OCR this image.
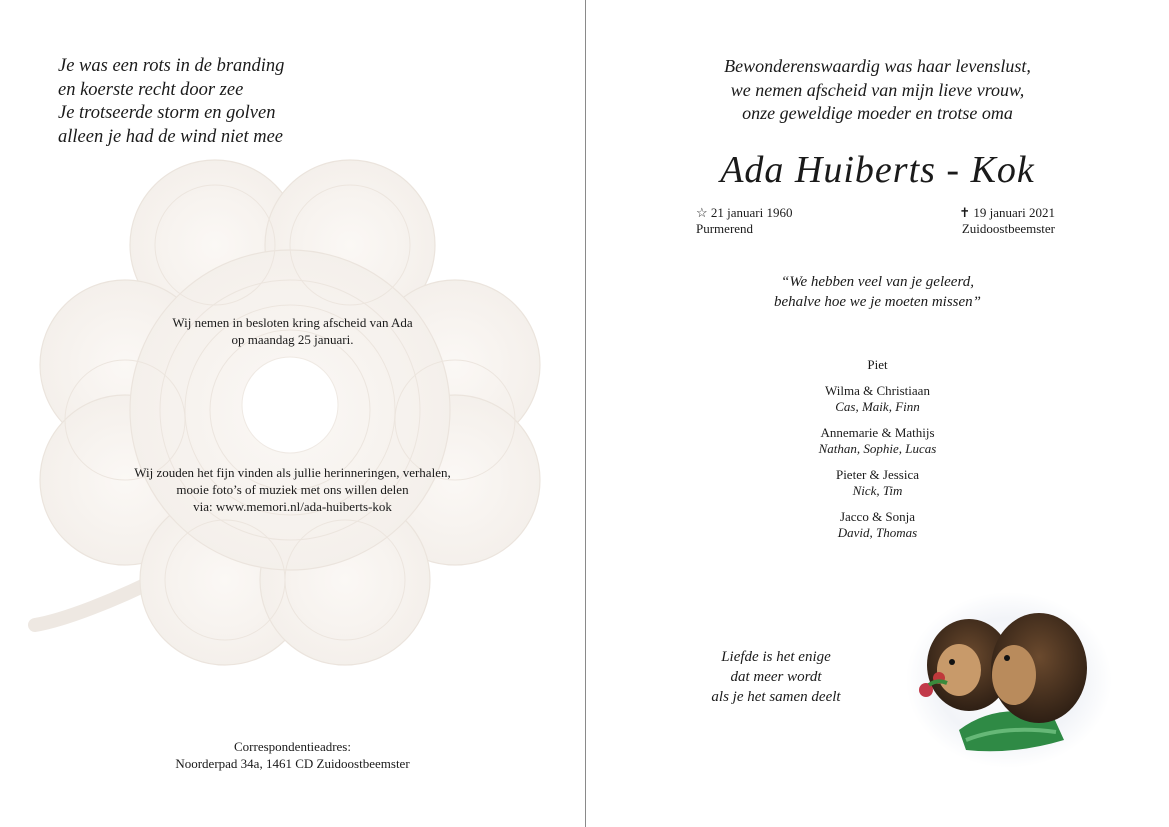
Je was een rots in de branding
en koerste recht door zee
Je trotseerde storm en golven
alleen je had de wind niet mee
Wij nemen in besloten kring afscheid van Ada
op maandag 25 januari.
Wij zouden het fijn vinden als jullie herinneringen, verhalen,
mooie foto’s of muziek met ons willen delen
via: www.memori.nl/ada-huiberts-kok
Correspondentieadres:
Noorderpad 34a, 1461 CD Zuidoostbeemster
Bewonderenswaardig was haar levenslust,
we nemen afscheid van mijn lieve vrouw,
onze geweldige moeder en trotse oma
Ada Huiberts - Kok
☆ 21 januari 1960
Purmerend
✝ 19 januari 2021
Zuidoostbeemster
“We hebben veel van je geleerd,
behalve hoe we je moeten missen”
Piet
Wilma & Christiaan
Cas, Maik, Finn
Annemarie & Mathijs
Nathan, Sophie, Lucas
Pieter & Jessica
Nick, Tim
Jacco & Sonja
David, Thomas
Liefde is het enige
dat meer wordt
als je het samen deelt
